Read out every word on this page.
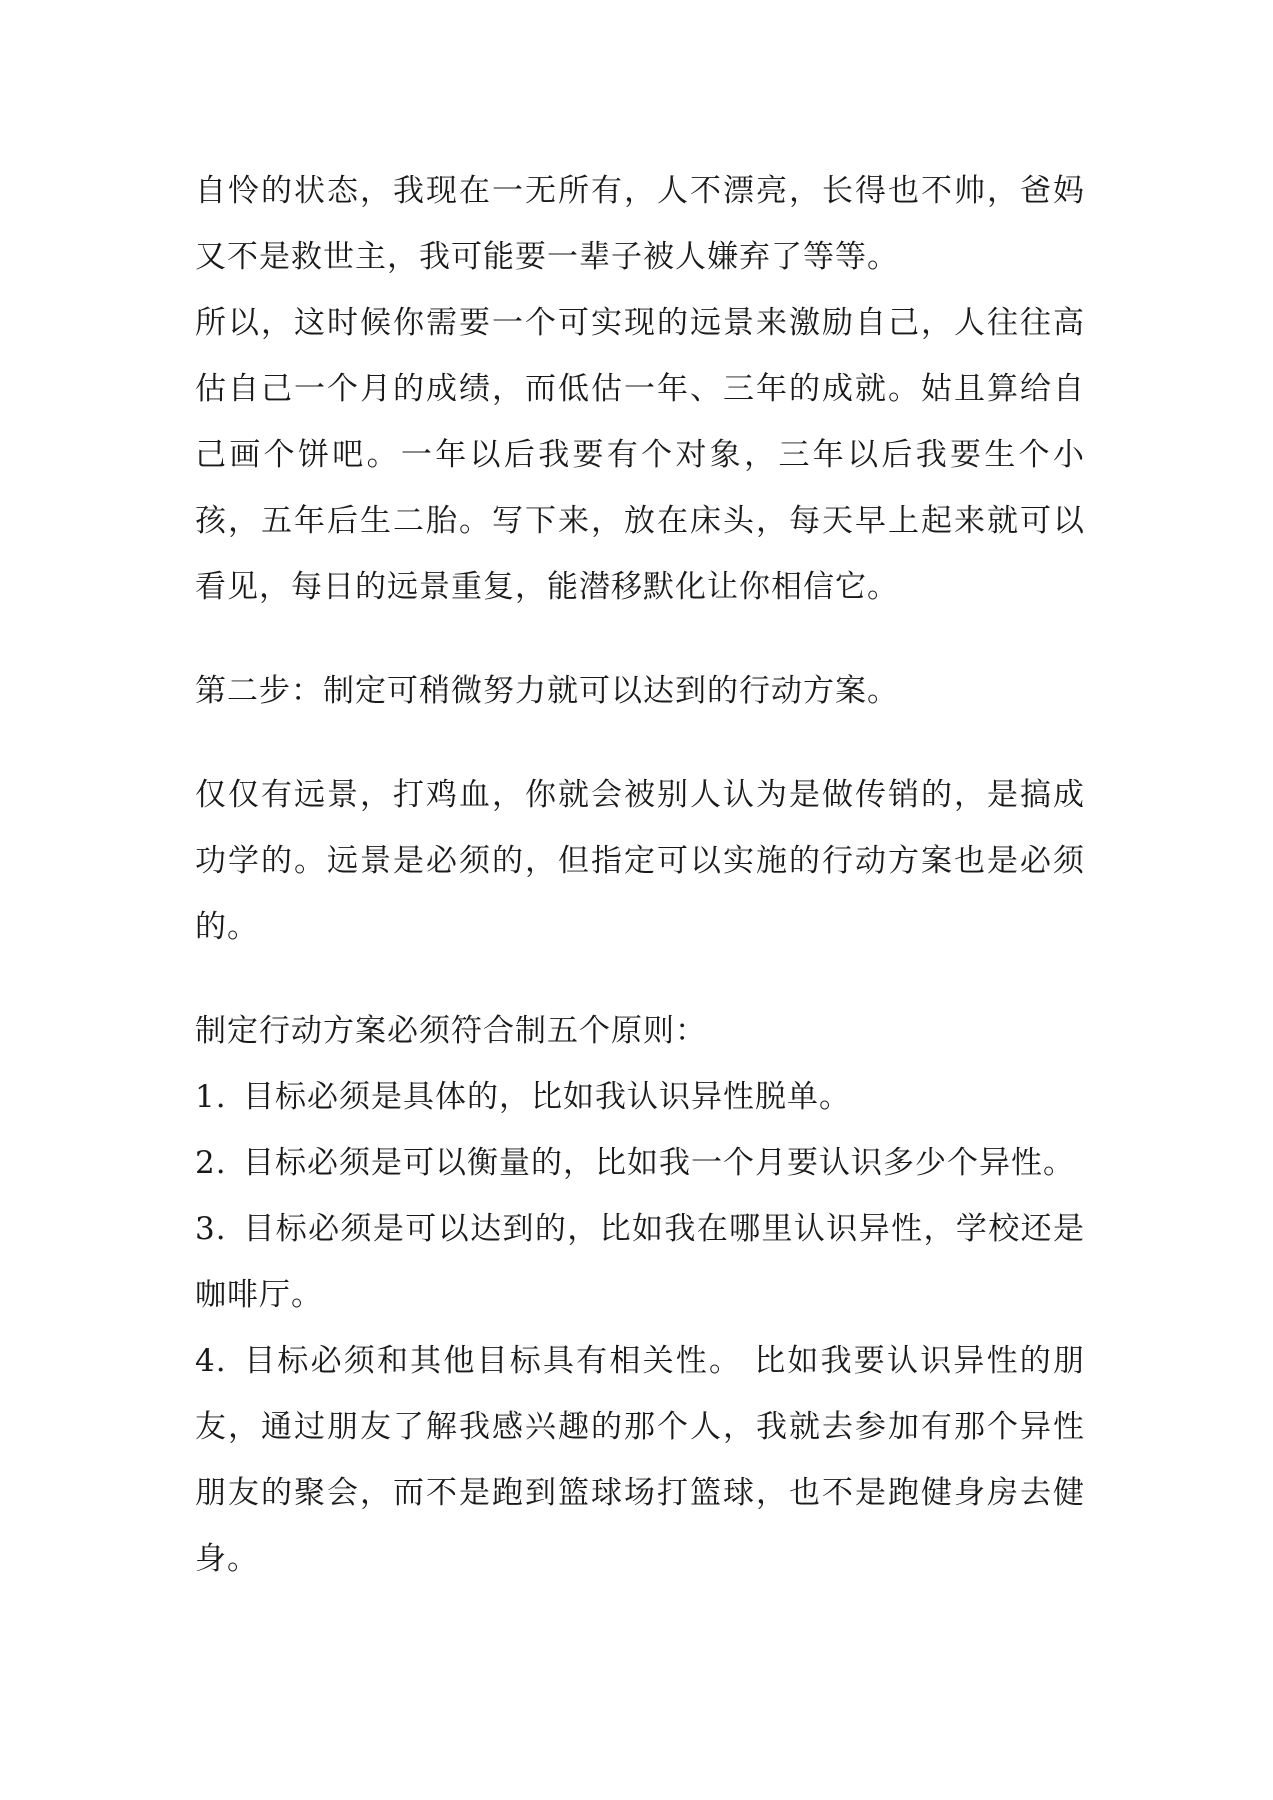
自怜的状态，我现在一无所有，人不漂亮，长得也不帅，爸妈又不是救世主，我可能要一辈子被人嫌弃了等等。

所以，这时候你需要一个可实现的远景来激励自己，人往往高估自己一个月的成绩，而低估一年、三年的成就。姑且算给自己画个饼吧。一年以后我要有个对象，三年以后我要生个小孩，五年后生二胎。写下来，放在床头，每天早上起来就可以看见，每日的远景重复，能潜移默化让你相信它。

第二步：制定可稍微努力就可以达到的行动方案。

仅仅有远景，打鸡血，你就会被别人认为是做传销的，是搞成功学的。远景是必须的，但指定可以实施的行动方案也是必须的。

制定行动方案必须符合制五个原则：

1. 目标必须是具体的，比如我认识异性脱单。

2. 目标必须是可以衡量的，比如我一个月要认识多少个异性。

3. 目标必须是可以达到的，比如我在哪里认识异性，学校还是咖啡厅。

4. 目标必须和其他目标具有相关性。 比如我要认识异性的朋友，通过朋友了解我感兴趣的那个人，我就去参加有那个异性朋友的聚会，而不是跑到篮球场打篮球，也不是跑健身房去健身。
